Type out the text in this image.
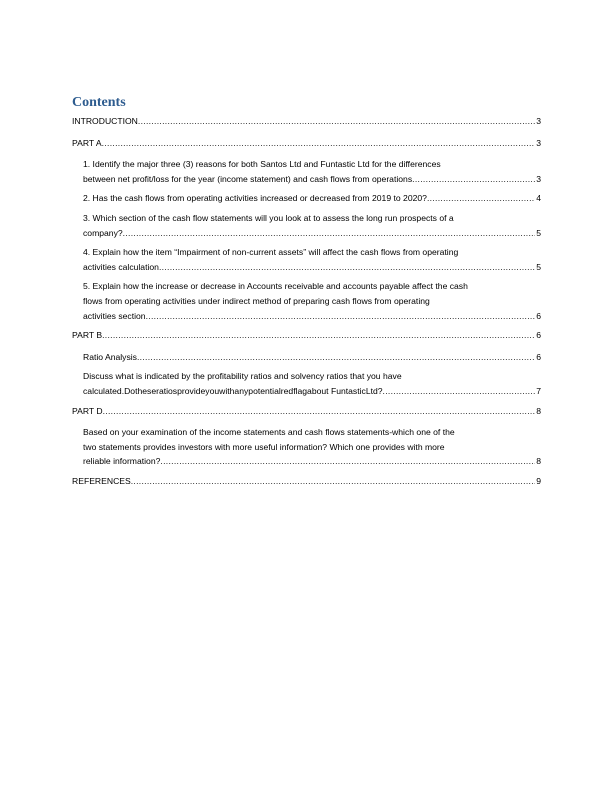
Contents
INTRODUCTION .....	3
PART A .....	3
1. Identify the major three (3) reasons for both Santos Ltd and Funtastic Ltd for the differences
between net profit/loss for the year (income statement) and cash flows from operations .....	3
2. Has the cash flows from operating activities increased or decreased from 2019 to 2020? .....	4
3. Which section of the cash flow statements will you look at to assess the long run prospects of a
company? .....	5
4. Explain how the item “Impairment of non-current assets” will affect the cash flows from operating
activities calculation .....	5
5. Explain how the increase or decrease in Accounts receivable and accounts payable affect the cash
flows from operating activities under indirect method of preparing cash flows from operating
activities section .....	6
PART B .....	6
Ratio Analysis .....	6
Discuss what is indicated by the profitability ratios and solvency ratios that you have
calculated.Dotheseratiosprovideyouwithanypotentialredflagabout FuntasticLtd? .....	7
PART D .....	8
Based on your examination of the income statements and cash flows statements-which one of the
two statements provides investors with more useful information? Which one provides with more
reliable information? .....	8
REFERENCES .....	9
